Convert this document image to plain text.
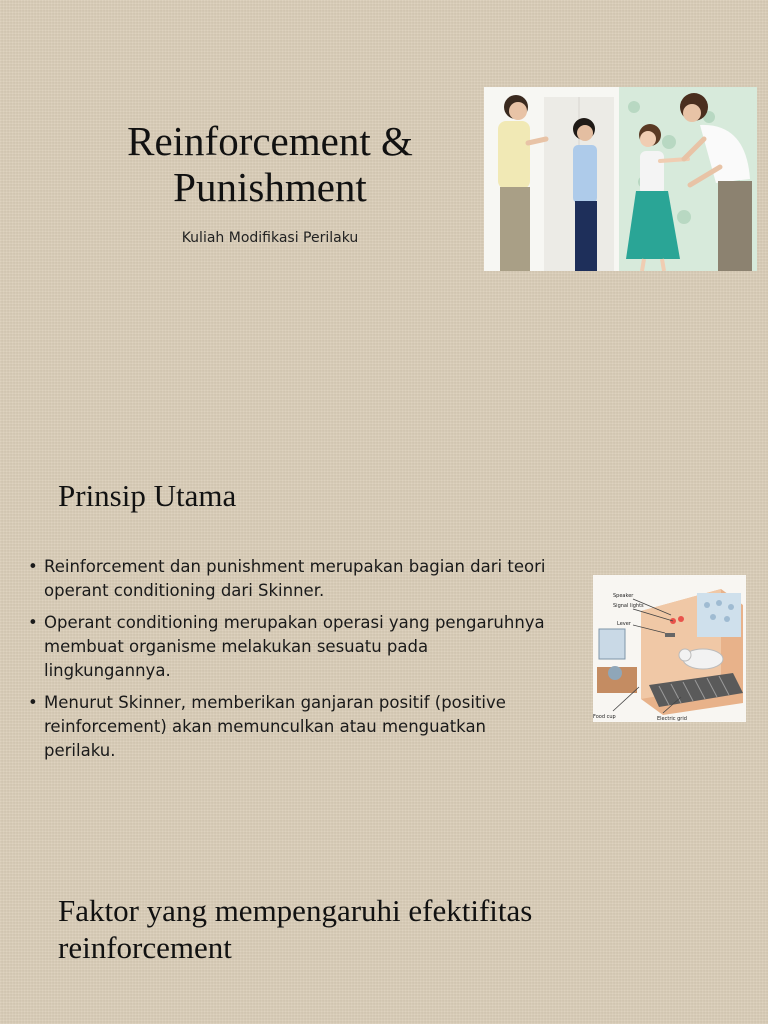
Reinforcement &
Punishment
Kuliah Modifikasi Perilaku
Prinsip Utama
• Reinforcement dan punishment merupakan bagian dari teori operant conditioning dari Skinner.
• Operant conditioning merupakan operasi yang pengaruhnya membuat organisme melakukan sesuatu pada lingkungannya.
• Menurut Skinner, memberikan ganjaran positif (positive reinforcement) akan memunculkan atau menguatkan perilaku.
Speaker
Signal lights
Lever
Food cup	Electric grid
Faktor yang mempengaruhi efektifitas reinforcement
